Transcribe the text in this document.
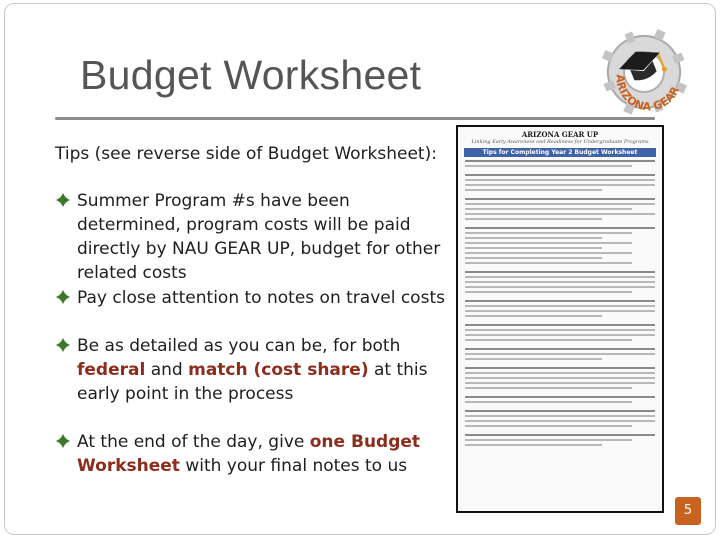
Budget Worksheet	ARIZONA GEAR
Tips (see reverse side of Budget Worksheet):
Summer Program #s have been determined, program costs will be paid directly by NAU GEAR UP, budget for other related costs
Pay close attention to notes on travel costs
Be as detailed as you can be, for both federal and match (cost share) at this early point in the process
At the end of the day, give one Budget Worksheet with your final notes to us
ARIZONA GEAR UP
Linking Early Awareness and Readiness for Undergraduate Programs
Tips for Completing Year 2 Budget Worksheet
5
